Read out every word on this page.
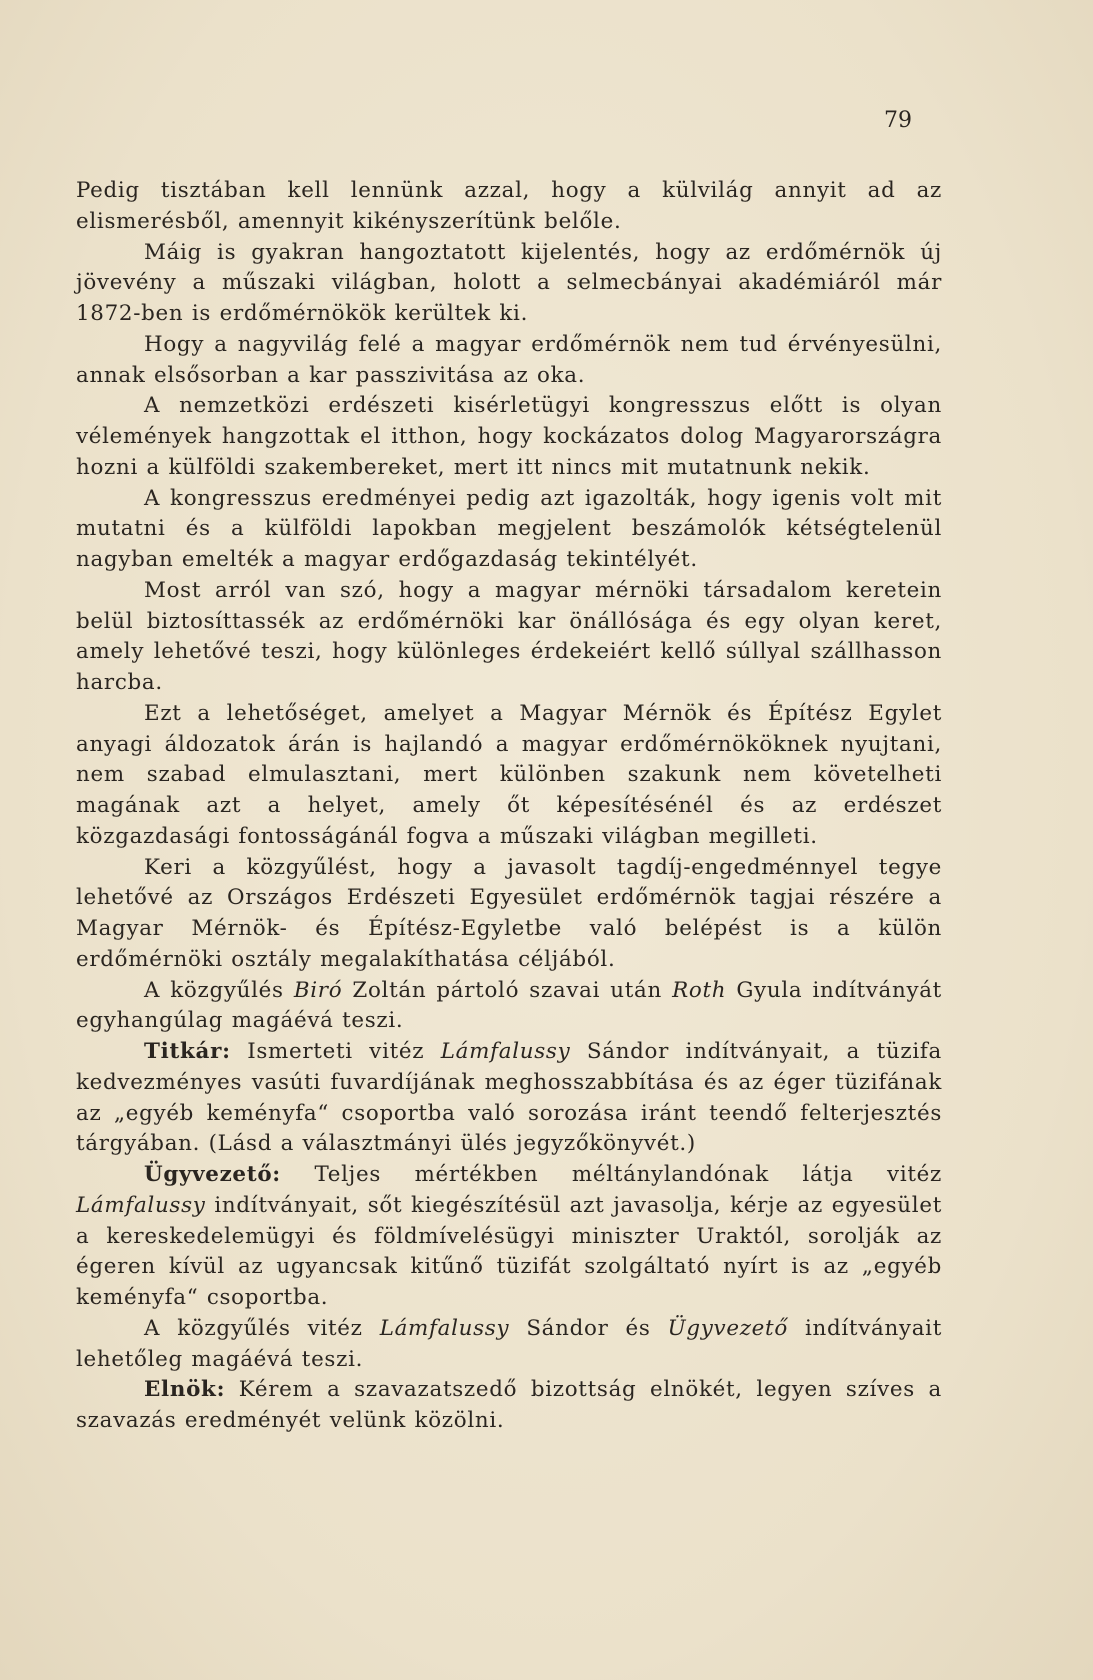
79

Pedig tisztában kell lennünk azzal, hogy a külvilág annyit ad az elismerésből, amennyit kikényszerítünk belőle.

Máig is gyakran hangoztatott kijelentés, hogy az erdőmérnök új jövevény a műszaki világban, holott a selmecbányai akadémiáról már 1872-ben is erdőmérnökök kerültek ki.

Hogy a nagyvilág felé a magyar erdőmérnök nem tud érvényesülni, annak elsősorban a kar passzivitása az oka.

A nemzetközi erdészeti kisérletügyi kongresszus előtt is olyan vélemények hangzottak el itthon, hogy kockázatos dolog Magyarországra hozni a külföldi szakembereket, mert itt nincs mit mutatnunk nekik.

A kongresszus eredményei pedig azt igazolták, hogy igenis volt mit mutatni és a külföldi lapokban megjelent beszámolók kétségtelenül nagyban emelték a magyar erdőgazdaság tekintélyét.

Most arról van szó, hogy a magyar mérnöki társadalom keretein belül biztosíttassék az erdőmérnöki kar önállósága és egy olyan keret, amely lehetővé teszi, hogy különleges érdekeiért kellő súllyal szállhasson harcba.

Ezt a lehetőséget, amelyet a Magyar Mérnök és Építész Egylet anyagi áldozatok árán is hajlandó a magyar erdőmérnököknek nyujtani, nem szabad elmulasztani, mert különben szakunk nem követelheti magának azt a helyet, amely őt képesítésénél és az erdészet közgazdasági fontosságánál fogva a műszaki világban megilleti.

Keri a közgyűlést, hogy a javasolt tagdíj-engedménnyel tegye lehetővé az Országos Erdészeti Egyesület erdőmérnök tagjai részére a Magyar Mérnök- és Építész-Egyletbe való belépést is a külön erdőmérnöki osztály megalakíthatása céljából.

A közgyűlés Biró Zoltán pártoló szavai után Roth Gyula indítványát egyhangúlag magáévá teszi.

Titkár: Ismerteti vitéz Lámfalussy Sándor indítványait, a tüzifa kedvezményes vasúti fuvardíjának meghosszabbítása és az éger tüzifának az „egyéb keményfa“ csoportba való sorozása iránt teendő felterjesztés tárgyában. (Lásd a választmányi ülés jegyzőkönyvét.)

Ügyvezető: Teljes mértékben méltánylandónak látja vitéz Lámfalussy indítványait, sőt kiegészítésül azt javasolja, kérje az egyesület a kereskedelemügyi és földmívelésügyi miniszter Uraktól, sorolják az égeren kívül az ugyancsak kitűnő tüzifát szolgáltató nyírt is az „egyéb keményfa“ csoportba.

A közgyűlés vitéz Lámfalussy Sándor és Ügyvezető indítványait lehetőleg magáévá teszi.

Elnök: Kérem a szavazatszedő bizottság elnökét, legyen szíves a szavazás eredményét velünk közölni.
